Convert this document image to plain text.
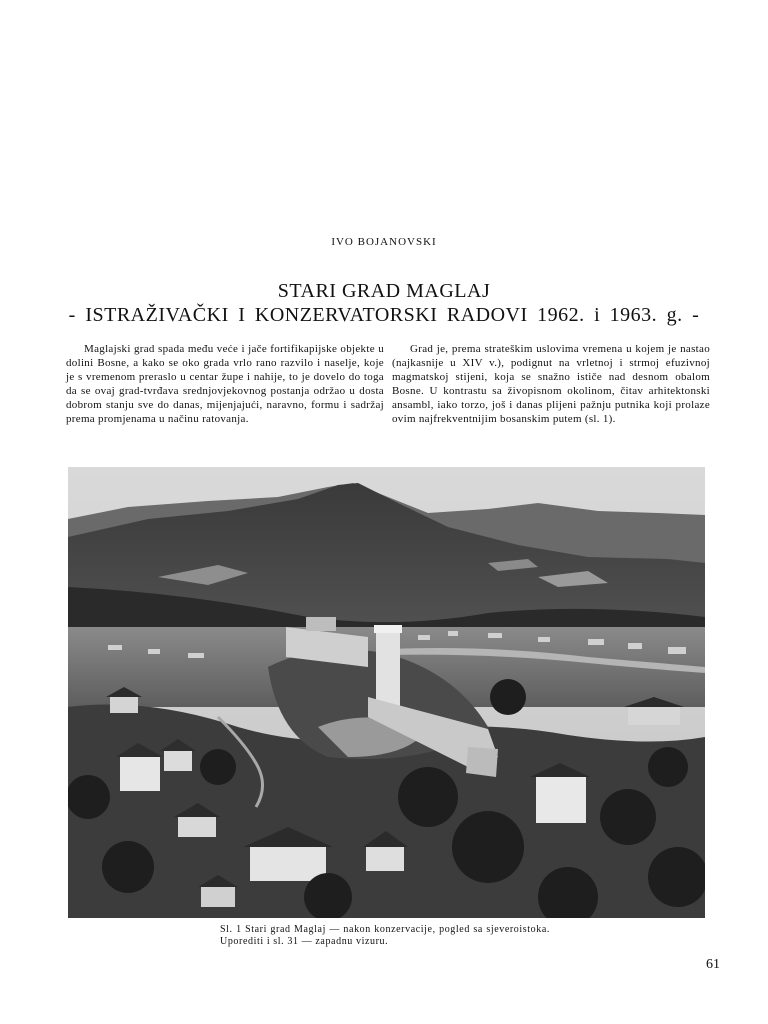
IVO BOJANOVSKI
STARI GRAD MAGLAJ
- ISTRAŽIVAČKI I KONZERVATORSKI RADOVI 1962. i 1963. g. -

Maglajski grad spada među veće i jače fortifikapijske objekte u dolini Bosne, a kako se oko grada vrlo rano razvilo i naselje, koje je s vremenom preraslo u centar župe i nahije, to je dovelo do toga da se ovaj grad-tvrđava srednjovjekovnog postanja održao u dosta dobrom stanju sve do danas, mijenjajući, naravno, formu i sadržaj prema promjenama u načinu ratovanja.

Grad je, prema strateškim uslovima vremena u kojem je nastao (najkasnije u XIV v.), podignut na vrletnoj i strmoj efuzivnoj magmatskoj stijeni, koja se snažno ističe nad desnom obalom Bosne. U kontrastu sa živopisnom okolinom, čitav arhitektonski ansambl, iako torzo, još i danas plijeni pažnju putnika koji prolaze ovim najfrekventnijim bosanskim putem (sl. 1).

Sl. 1 Stari grad Maglaj — nakon konzervacije, pogled sa sjeveroistoka. Uporediti i sl. 31 — zapadnu vizuru.

61
